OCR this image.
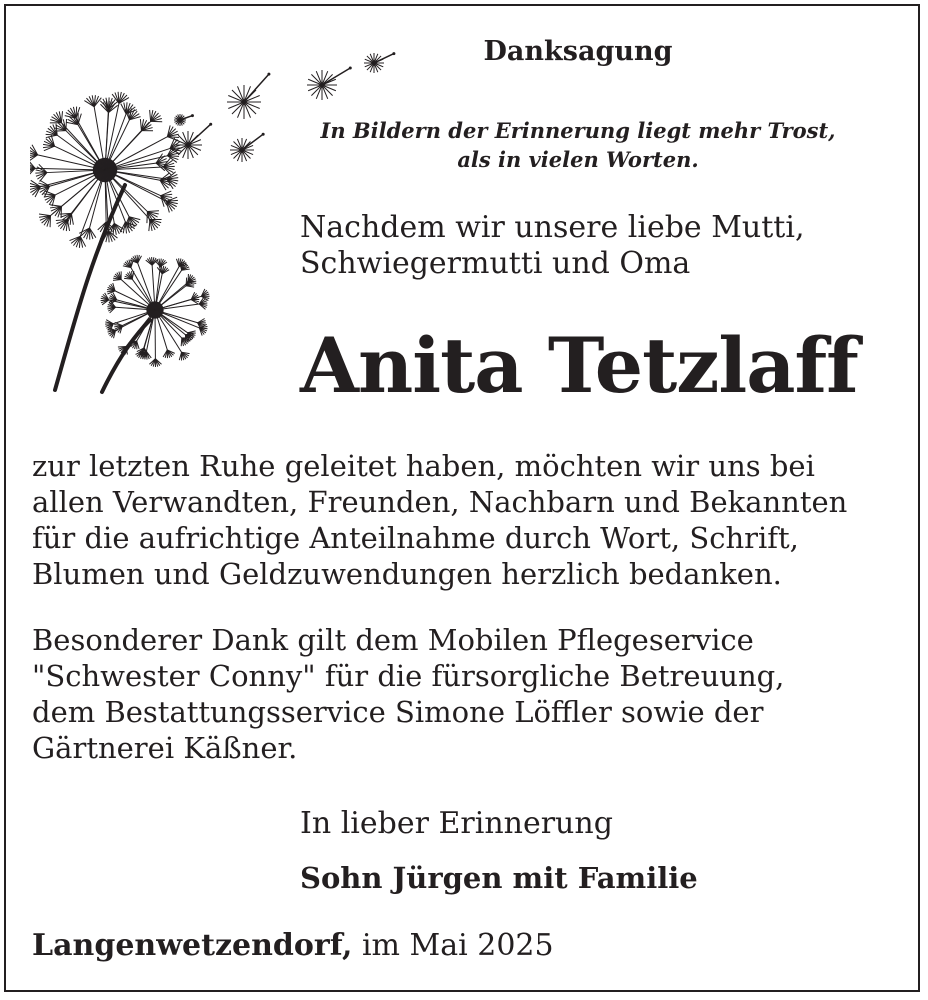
Danksagung

In Bildern der Erinnerung liegt mehr Trost,
als in vielen Worten.
Nachdem wir unsere liebe Mutti,
Schwiegermutti und Oma
Anita Tetzlaff
zur letzten Ruhe geleitet haben, möchten wir uns bei
allen Verwandten, Freunden, Nachbarn und Bekannten
für die aufrichtige Anteilnahme durch Wort, Schrift,
Blumen und Geldzuwendungen herzlich bedanken.
Besonderer Dank gilt dem Mobilen Pflegeservice
"Schwester Conny" für die fürsorgliche Betreuung,
dem Bestattungsservice Simone Löffler sowie der
Gärtnerei Käßner.
In lieber Erinnerung
Sohn Jürgen mit Familie
Langenwetzendorf, im Mai 2025
